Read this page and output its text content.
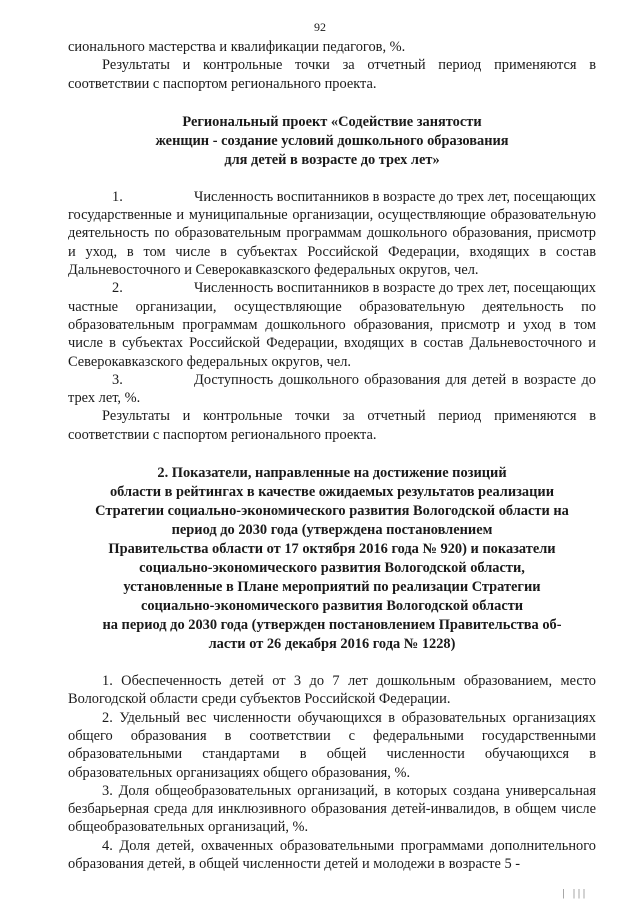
92

сионального мастерства и квалификации педагогов, %.

Результаты и контрольные точки за отчетный период применяются в соответствии с паспортом регионального проекта.

Региональный проект «Содействие занятости

женщин - создание условий дошкольного образования

для детей в возрасте до трех лет»

1.	Численность воспитанников в возрасте до трех лет, посещающих государственные и муниципальные организации, осуществляющие образовательную деятельность по образовательным программам дошкольного образования, присмотр и уход, в том числе в субъектах Российской Федерации, входящих в состав Дальневосточного и Северокавказского федеральных округов, чел.

2.	Численность воспитанников в возрасте до трех лет, посещающих частные организации, осуществляющие образовательную деятельность по образовательным программам дошкольного образования, присмотр и уход в том числе в субъектах Российской Федерации, входящих в состав Дальневосточного и Северокавказского федеральных округов, чел.

3.	Доступность дошкольного образования для детей в возрасте до трех лет, %.

Результаты и контрольные точки за отчетный период применяются в соответствии с паспортом регионального проекта.

2. Показатели, направленные на достижение позиций

области в рейтингах в качестве ожидаемых результатов реализации

Стратегии социально-экономического развития Вологодской области на

период до 2030 года (утверждена постановлением

Правительства области от 17 октября 2016 года № 920) и показатели

социально-экономического развития Вологодской области,

установленные в Плане мероприятий по реализации Стратегии

социально-экономического развития Вологодской области

на период до 2030 года (утвержден постановлением Правительства об-

ласти от 26 декабря 2016 года № 1228)

1. Обеспеченность детей от 3 до 7 лет дошкольным образованием, место Вологодской области среди субъектов Российской Федерации.

2. Удельный вес численности обучающихся в образовательных организациях общего образования в соответствии с федеральными государственными образовательными стандартами в общей численности обучающихся в образовательных организациях общего образования, %.

3. Доля общеобразовательных организаций, в которых создана универсальная безбарьерная среда для инклюзивного образования детей-инвалидов, в общем числе общеобразовательных организаций, %.

4. Доля детей, охваченных образовательными программами дополнительного образования детей, в общей численности детей и молодежи в возрасте 5 -

| |||
